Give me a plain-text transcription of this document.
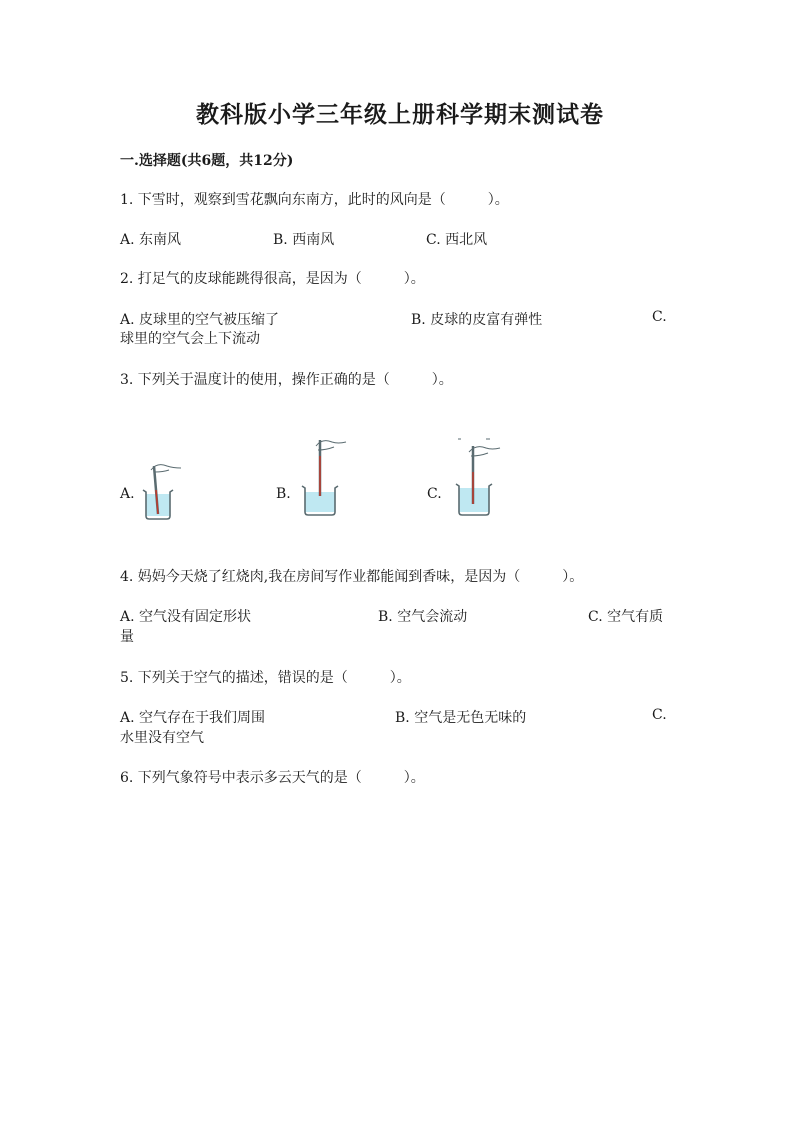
教科版小学三年级上册科学期末测试卷
一.选择题(共6题，共12分)
1. 下雪时，观察到雪花飘向东南方，此时的风向是（　　　）。
A. 东南风	B. 西南风	C. 西北风
2. 打足气的皮球能跳得很高，是因为（　　　）。
A. 皮球里的空气被压缩了	B. 皮球的皮富有弹性	C.
球里的空气会上下流动
3. 下列关于温度计的使用，操作正确的是（　　　）。
A.	B.	C.
4. 妈妈今天烧了红烧肉,我在房间写作业都能闻到香味，是因为（　　　）。
A. 空气没有固定形状	B. 空气会流动	C. 空气有质
量
5. 下列关于空气的描述，错误的是（　　　）。
A. 空气存在于我们周围	B. 空气是无色无味的	C.
水里没有空气
6. 下列气象符号中表示多云天气的是（　　　）。
